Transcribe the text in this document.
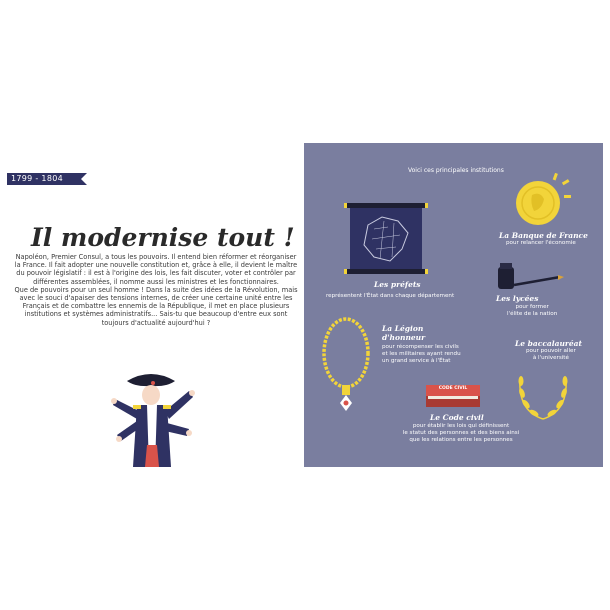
1799 - 1804
Il modernise tout !

Napoléon, Premier Consul, a tous les pouvoirs. Il entend bien réformer et réorganiser la France. Il fait adopter une nouvelle constitution et, grâce à elle, il devient le maître du pouvoir législatif : il est à l'origine des lois, les fait discuter, voter et contrôler par différentes assemblées, il nomme aussi les ministres et les fonctionnaires.

Que de pouvoirs pour un seul homme ! Dans la suite des idées de la Révolution, mais avec le souci d'apaiser des tensions internes, de créer une certaine unité entre les Français et de combattre les ennemis de la République, il met en place plusieurs institutions et systèmes administratifs... Sais-tu que beaucoup d'entre eux sont toujours d'actualité aujourd'hui ?

Voici ces principales institutions
Les préfets
représentent l'État dans chaque département
La Banque de France
pour relancer l'économie
Les lycées
pour former
l'élite de la nation
La Légion
d'honneur
pour récompenser les civils
et les militaires ayant rendu
un grand service à l'État
Le baccalauréat
pour pouvoir aller
à l'université
CODE CIVIL
Le Code civil
pour établir les lois qui définissent
le statut des personnes et des biens ainsi
que les relations entre les personnes
